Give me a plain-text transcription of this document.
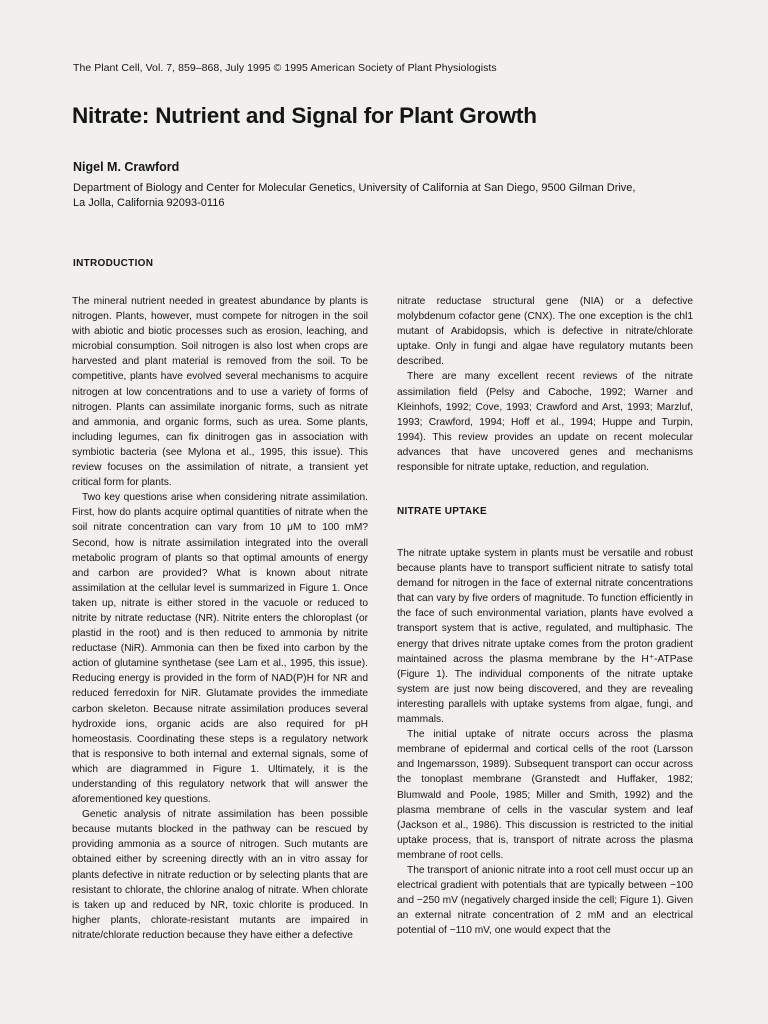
The Plant Cell, Vol. 7, 859–868, July 1995 © 1995 American Society of Plant Physiologists
Nitrate: Nutrient and Signal for Plant Growth
Nigel M. Crawford
Department of Biology and Center for Molecular Genetics, University of California at San Diego, 9500 Gilman Drive,
La Jolla, California 92093-0116
INTRODUCTION

The mineral nutrient needed in greatest abundance by plants is nitrogen. Plants, however, must compete for nitrogen in the soil with abiotic and biotic processes such as erosion, leaching, and microbial consumption. Soil nitrogen is also lost when crops are harvested and plant material is removed from the soil. To be competitive, plants have evolved several mechanisms to acquire nitrogen at low concentrations and to use a variety of forms of nitrogen. Plants can assimilate inorganic forms, such as nitrate and ammonia, and organic forms, such as urea. Some plants, including legumes, can fix dinitrogen gas in association with symbiotic bacteria (see Mylona et al., 1995, this issue). This review focuses on the assimilation of nitrate, a transient yet critical form for plants.

Two key questions arise when considering nitrate assimilation. First, how do plants acquire optimal quantities of nitrate when the soil nitrate concentration can vary from 10 μM to 100 mM? Second, how is nitrate assimilation integrated into the overall metabolic program of plants so that optimal amounts of energy and carbon are provided? What is known about nitrate assimilation at the cellular level is summarized in Figure 1. Once taken up, nitrate is either stored in the vacuole or reduced to nitrite by nitrate reductase (NR). Nitrite enters the chloroplast (or plastid in the root) and is then reduced to ammonia by nitrite reductase (NiR). Ammonia can then be fixed into carbon by the action of glutamine synthetase (see Lam et al., 1995, this issue). Reducing energy is provided in the form of NAD(P)H for NR and reduced ferredoxin for NiR. Glutamate provides the immediate carbon skeleton. Because nitrate assimilation produces several hydroxide ions, organic acids are also required for pH homeostasis. Coordinating these steps is a regulatory network that is responsive to both internal and external signals, some of which are diagrammed in Figure 1. Ultimately, it is the understanding of this regulatory network that will answer the aforementioned key questions.

Genetic analysis of nitrate assimilation has been possible because mutants blocked in the pathway can be rescued by providing ammonia as a source of nitrogen. Such mutants are obtained either by screening directly with an in vitro assay for plants defective in nitrate reduction or by selecting plants that are resistant to chlorate, the chlorine analog of nitrate. When chlorate is taken up and reduced by NR, toxic chlorite is produced. In higher plants, chlorate-resistant mutants are impaired in nitrate/chlorate reduction because they have either a defective

nitrate reductase structural gene (NIA) or a defective molybdenum cofactor gene (CNX). The one exception is the chl1 mutant of Arabidopsis, which is defective in nitrate/chlorate uptake. Only in fungi and algae have regulatory mutants been described.

There are many excellent recent reviews of the nitrate assimilation field (Pelsy and Caboche, 1992; Warner and Kleinhofs, 1992; Cove, 1993; Crawford and Arst, 1993; Marzluf, 1993; Crawford, 1994; Hoff et al., 1994; Huppe and Turpin, 1994). This review provides an update on recent molecular advances that have uncovered genes and mechanisms responsible for nitrate uptake, reduction, and regulation.

NITRATE UPTAKE

The nitrate uptake system in plants must be versatile and robust because plants have to transport sufficient nitrate to satisfy total demand for nitrogen in the face of external nitrate concentrations that can vary by five orders of magnitude. To function efficiently in the face of such environmental variation, plants have evolved a transport system that is active, regulated, and multiphasic. The energy that drives nitrate uptake comes from the proton gradient maintained across the plasma membrane by the H⁺-ATPase (Figure 1). The individual components of the nitrate uptake system are just now being discovered, and they are revealing interesting parallels with uptake systems from algae, fungi, and mammals.

The initial uptake of nitrate occurs across the plasma membrane of epidermal and cortical cells of the root (Larsson and Ingemarsson, 1989). Subsequent transport can occur across the tonoplast membrane (Granstedt and Huffaker, 1982; Blumwald and Poole, 1985; Miller and Smith, 1992) and the plasma membrane of cells in the vascular system and leaf (Jackson et al., 1986). This discussion is restricted to the initial uptake process, that is, transport of nitrate across the plasma membrane of root cells.

The transport of anionic nitrate into a root cell must occur up an electrical gradient with potentials that are typically between −100 and −250 mV (negatively charged inside the cell; Figure 1). Given an external nitrate concentration of 2 mM and an electrical potential of −110 mV, one would expect that the
